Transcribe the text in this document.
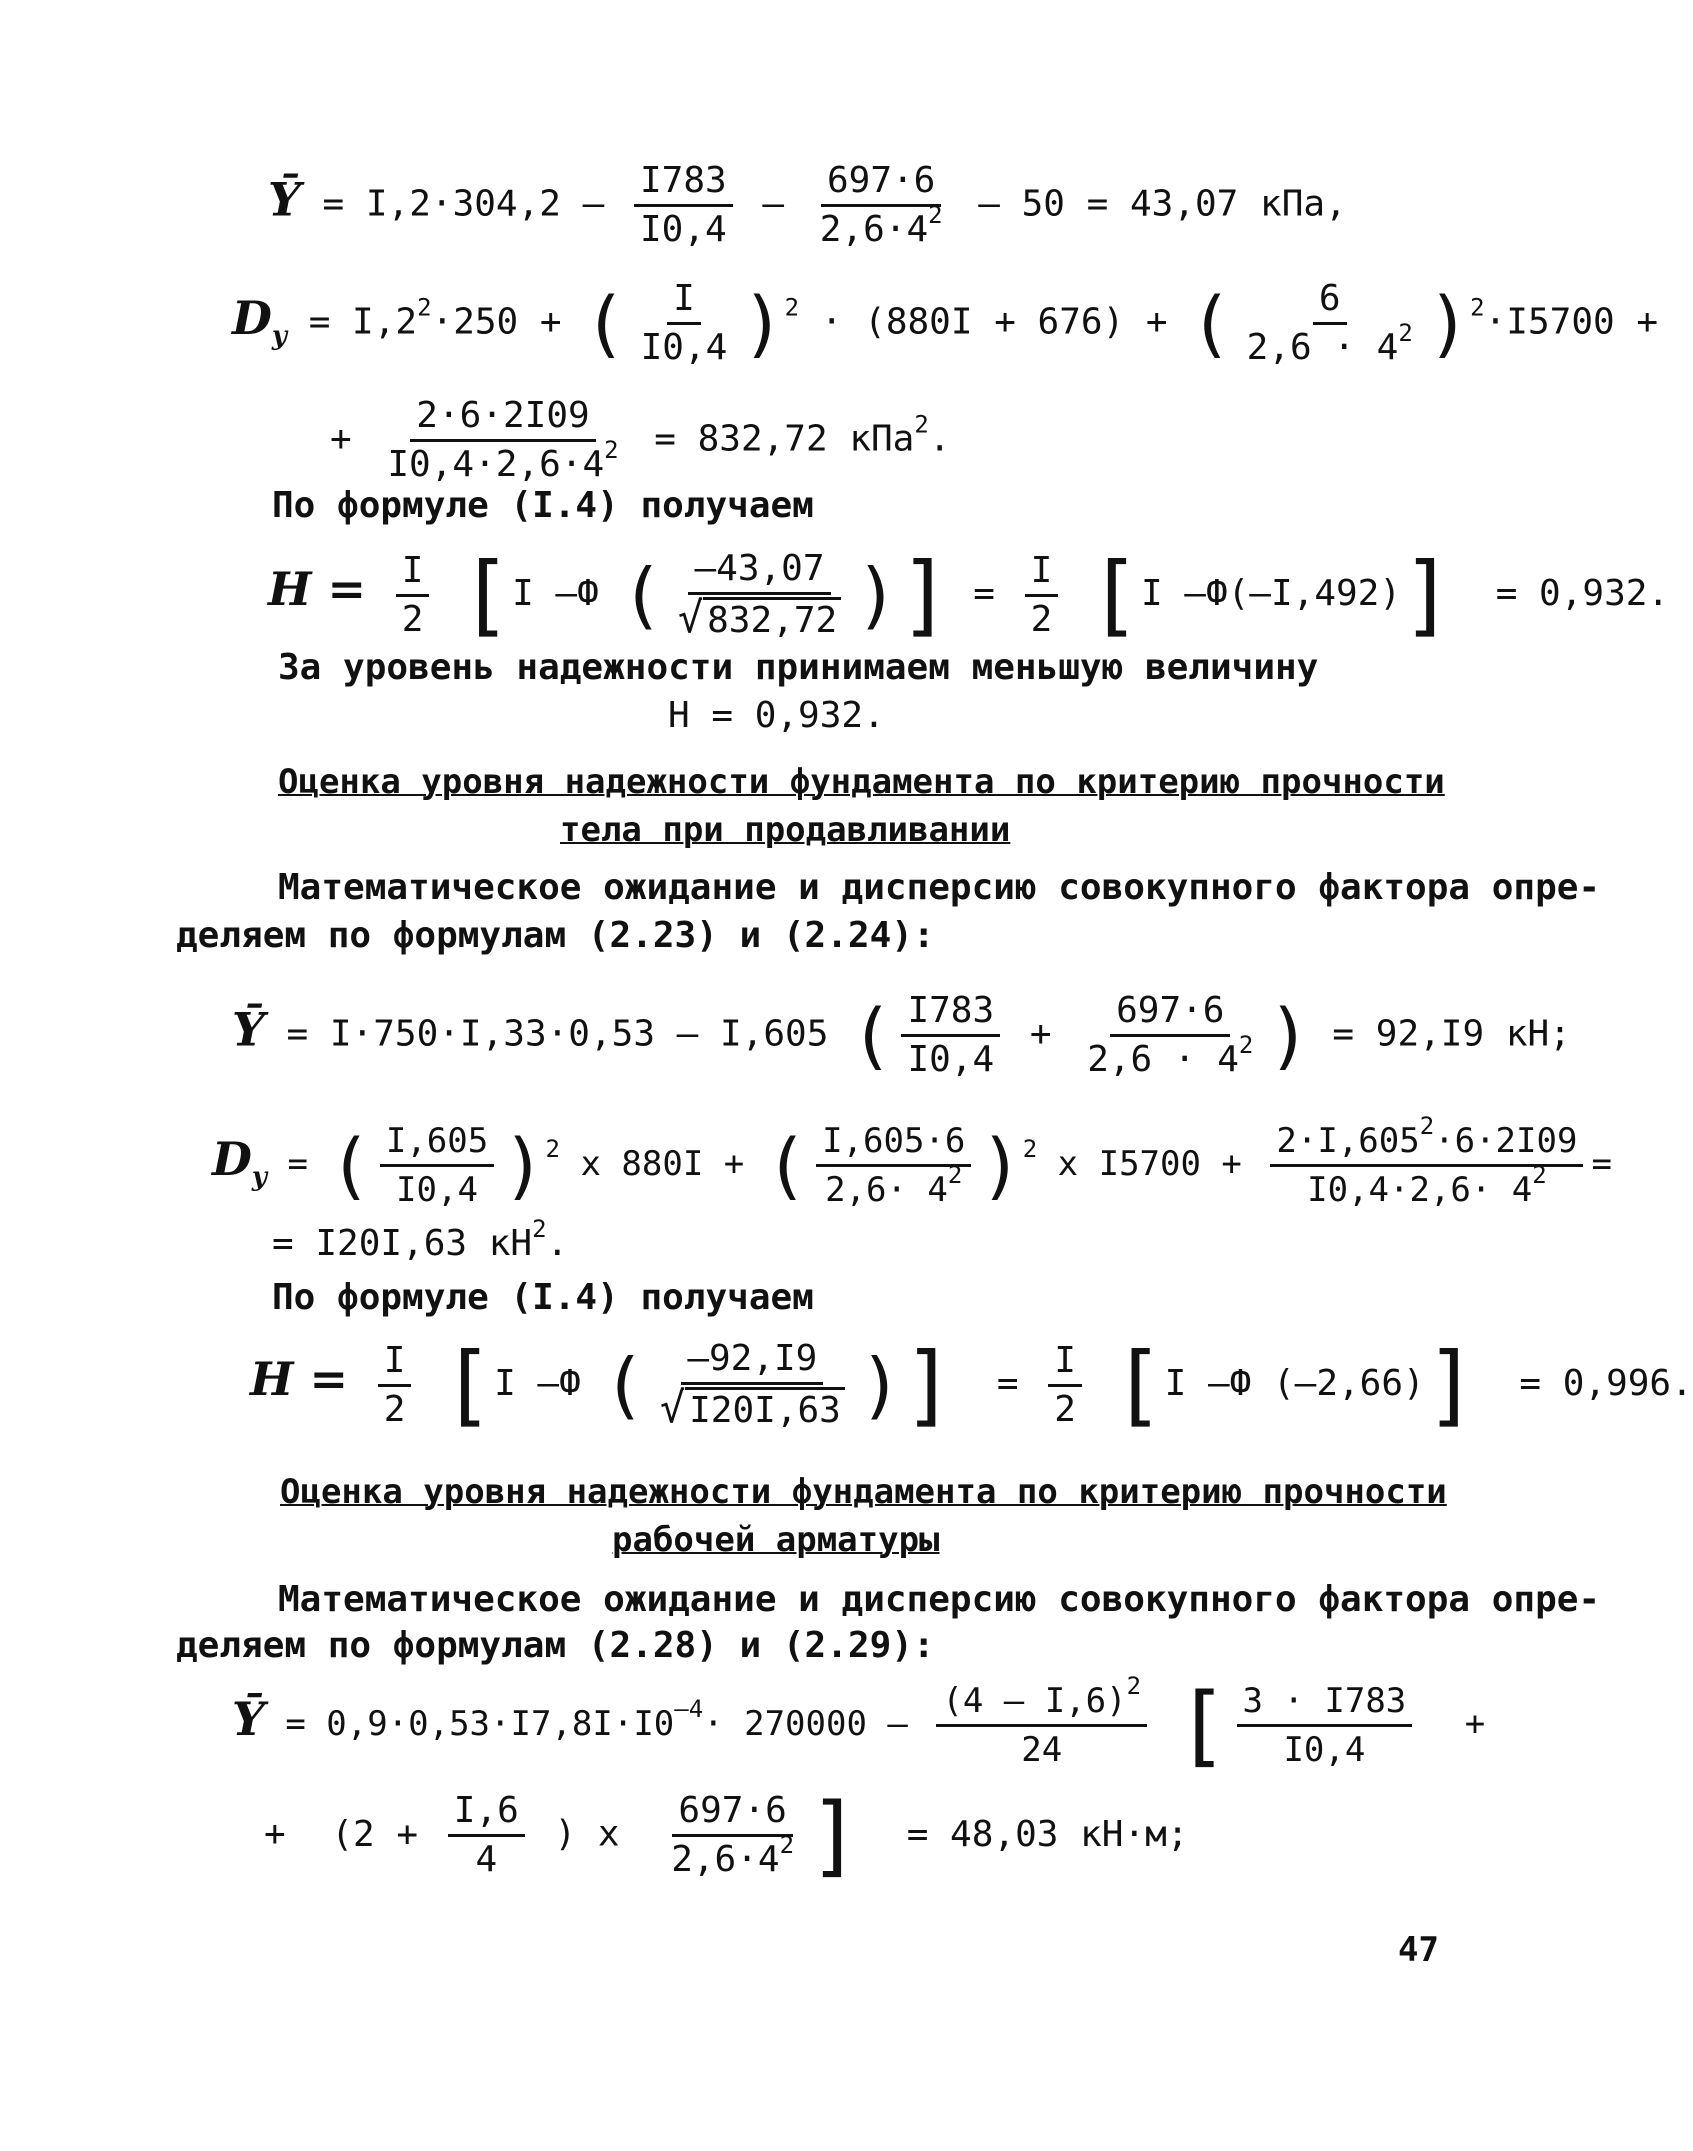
Ȳ = $I,2\cdot 304,2 - \frac{I783}{I0,4} - \frac{697\cdot 6}{2,6\cdot 4^2} - 50 = 43,07$ кПа,
$D_y = I,2^2\cdot 250$ + ( $\frac{I}{I0,4} )^2 \cdot (880I + 676)$ + ( $\frac{6}{2,6 \cdot 4^2} )^2\cdot I5700$ +
+ $\frac{2\cdot 6\cdot 2I09}{I0,4\cdot 2,6\cdot 4^2} = 832,72$ кПа$^2$.
По формуле (I.4) получаем
$H = \frac{I}{2} [I$ –Ф ( $\frac{-43,07}{√ 832,72}$ )] = $\frac{I}{2} [I$ –Ф(–I,492)] = 0,932.
За уровень надежности принимаем меньшую величину
H = 0,932.
Оценка уровня надежности фундамента по критерию прочности
тела при продавливании
Математическое ожидание и дисперсию совокупного фактора опре-
деляем по формулам (2.23) и (2.24):
Ȳ = I·750·I,33·0,53 – I,605 ( $\frac{I783}{I0,4} + \frac{697\cdot 6}{2,6 \cdot 4^2}$ ) = 92,I9 кН;
$D_y$ = ( $\frac{I,605}{I0,4} )^2$ x 880I + ( $\frac{I,605\cdot 6}{2,6\cdot 4^2} )^2$ x $I5700 + \frac{2\cdot I,605^2\cdot 6\cdot 2I09}{I0,4\cdot 2,6\cdot 4^2}$ =
= I20I,63 $кН^2$.
По формуле (I.4) получаем
$H = \frac{I}{2} [I$ –Ф ( $\frac{-92,I9}{√ I20I,63}$ )] = $\frac{I}{2} [I$ –Ф (–2,66)] = 0,996.
Оценка уровня надежности фундамента по критерию прочности
рабочей арматуры
Математическое ожидание и дисперсию совокупного фактора опре-
деляем по формулам (2.28) и (2.29):
Ȳ = $0,9\cdot 0,53\cdot I7,8I\cdot I0^{-4}\cdot 270000 - \frac{(4 - I,6)^2}{24}$ [ $\frac{3 \cdot I783}{I0,4}$ +
+ ($2 + \frac{I,6}{4}$ ) x $\frac{697\cdot 6}{2,6\cdot 4^2}$ ] = 48,03 кН·м;
47
